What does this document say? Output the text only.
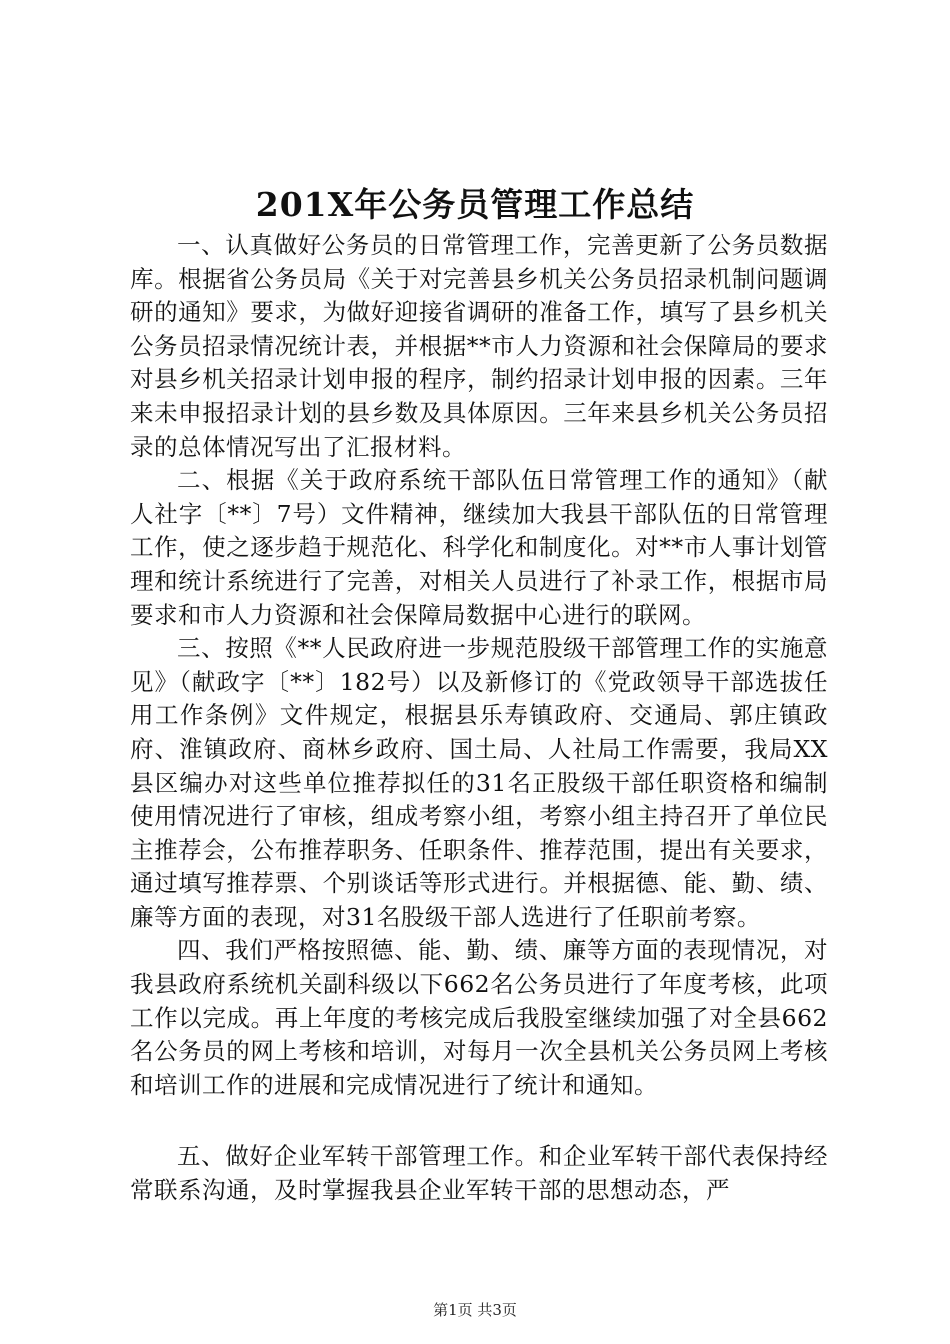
201X年公务员管理工作总结

一、认真做好公务员的日常管理工作，完善更新了公务员数据库。根据省公务员局《关于对完善县乡机关公务员招录机制问题调研的通知》要求，为做好迎接省调研的准备工作，填写了县乡机关公务员招录情况统计表，并根据**市人力资源和社会保障局的要求对县乡机关招录计划申报的程序，制约招录计划申报的因素。三年来未申报招录计划的县乡数及具体原因。三年来县乡机关公务员招录的总体情况写出了汇报材料。

二、根据《关于政府系统干部队伍日常管理工作的通知》（献人社字〔**〕7号）文件精神，继续加大我县干部队伍的日常管理工作，使之逐步趋于规范化、科学化和制度化。对**市人事计划管理和统计系统进行了完善，对相关人员进行了补录工作，根据市局要求和市人力资源和社会保障局数据中心进行的联网。

三、按照《**人民政府进一步规范股级干部管理工作的实施意见》（献政字〔**〕182号）以及新修订的《党政领导干部选拔任用工作条例》文件规定，根据县乐寿镇政府、交通局、郭庄镇政府、淮镇政府、商林乡政府、国土局、人社局工作需要，我局XX县区编办对这些单位推荐拟任的31名正股级干部任职资格和编制使用情况进行了审核，组成考察小组，考察小组主持召开了单位民主推荐会，公布推荐职务、任职条件、推荐范围，提出有关要求，通过填写推荐票、个别谈话等形式进行。并根据德、能、勤、绩、廉等方面的表现，对31名股级干部人选进行了任职前考察。

四、我们严格按照德、能、勤、绩、廉等方面的表现情况，对我县政府系统机关副科级以下662名公务员进行了年度考核，此项工作以完成。再上年度的考核完成后我股室继续加强了对全县662名公务员的网上考核和培训，对每月一次全县机关公务员网上考核和培训工作的进展和完成情况进行了统计和通知。

五、做好企业军转干部管理工作。和企业军转干部代表保持经常联系沟通，及时掌握我县企业军转干部的思想动态，严

第1页 共3页
